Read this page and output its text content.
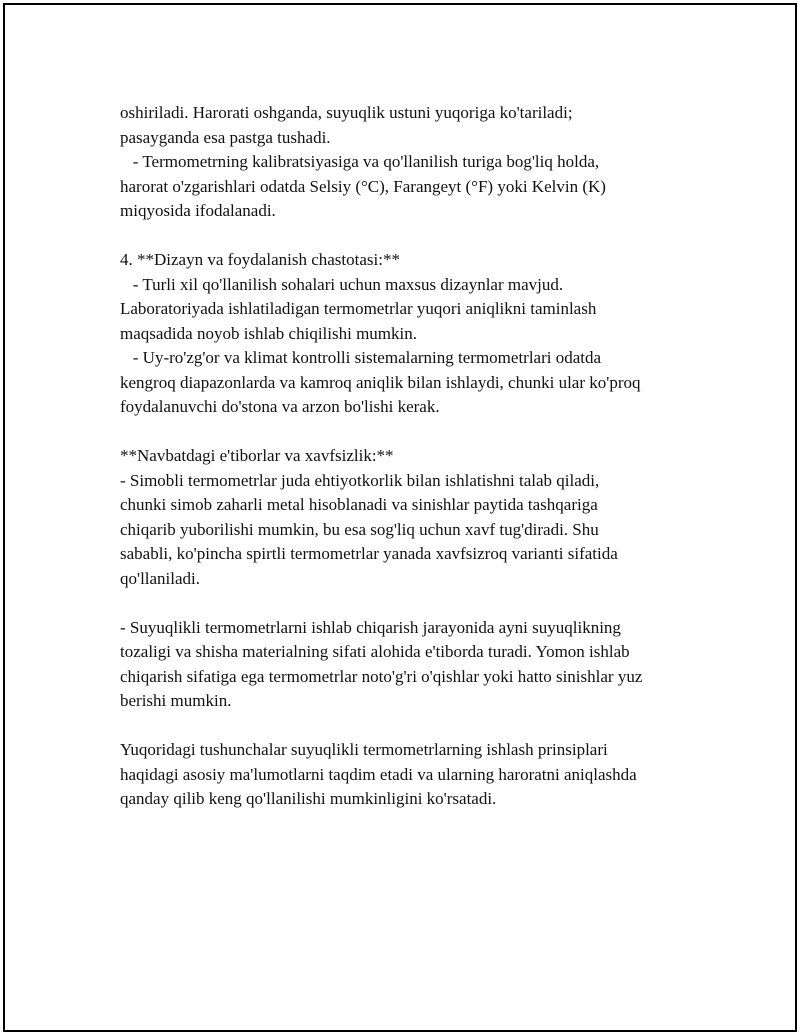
oshiriladi. Harorati oshganda, suyuqlik ustuni yuqoriga ko'tariladi;
pasayganda esa pastga tushadi.
- Termometrning kalibratsiyasiga va qo'llanilish turiga bog'liq holda,
harorat o'zgarishlari odatda Selsiy (°C), Farangeyt (°F) yoki Kelvin (K)
miqyosida ifodalanadi.
4. **Dizayn va foydalanish chastotasi:**
- Turli xil qo'llanilish sohalari uchun maxsus dizaynlar mavjud.
Laboratoriyada ishlatiladigan termometrlar yuqori aniqlikni taminlash
maqsadida noyob ishlab chiqilishi mumkin.
- Uy-ro'zg'or va klimat kontrolli sistemalarning termometrlari odatda
kengroq diapazonlarda va kamroq aniqlik bilan ishlaydi, chunki ular ko'proq
foydalanuvchi do'stona va arzon bo'lishi kerak.
**Navbatdagi e'tiborlar va xavfsizlik:**
- Simobli termometrlar juda ehtiyotkorlik bilan ishlatishni talab qiladi,
chunki simob zaharli metal hisoblanadi va sinishlar paytida tashqariga
chiqarib yuborilishi mumkin, bu esa sog'liq uchun xavf tug'diradi. Shu
sababli, ko'pincha spirtli termometrlar yanada xavfsizroq varianti sifatida
qo'llaniladi.
- Suyuqlikli termometrlarni ishlab chiqarish jarayonida ayni suyuqlikning
tozaligi va shisha materialning sifati alohida e'tiborda turadi. Yomon ishlab
chiqarish sifatiga ega termometrlar noto'g'ri o'qishlar yoki hatto sinishlar yuz
berishi mumkin.
Yuqoridagi tushunchalar suyuqlikli termometrlarning ishlash prinsiplari
haqidagi asosiy ma'lumotlarni taqdim etadi va ularning haroratni aniqlashda
qanday qilib keng qo'llanilishi mumkinligini ko'rsatadi.
